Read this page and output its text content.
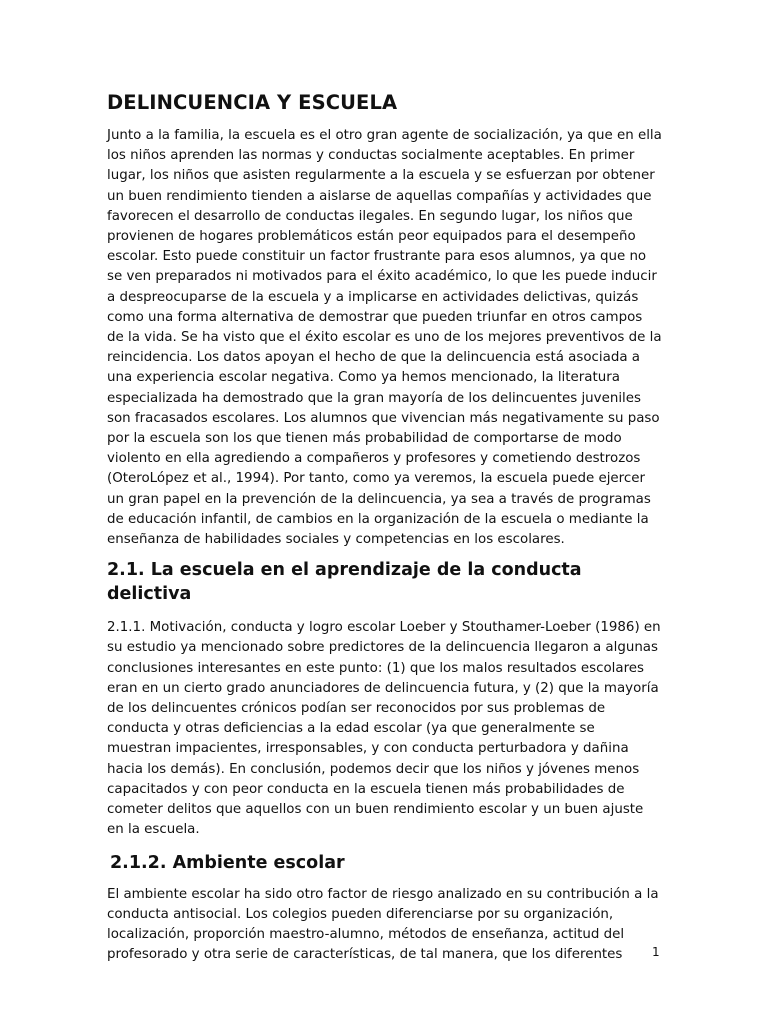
DELINCUENCIA Y ESCUELA

Junto a la familia, la escuela es el otro gran agente de socialización, ya que en ella los niños aprenden las normas y conductas socialmente aceptables. En primer lugar, los niños que asisten regularmente a la escuela y se esfuerzan por obtener un buen rendimiento tienden a aislarse de aquellas compañías y actividades que favorecen el desarrollo de conductas ilegales. En segundo lugar, los niños que provienen de hogares problemáticos están peor equipados para el desempeño escolar. Esto puede constituir un factor frustrante para esos alumnos, ya que no se ven preparados ni motivados para el éxito académico, lo que les puede inducir a despreocuparse de la escuela y a implicarse en actividades delictivas, quizás como una forma alternativa de demostrar que pueden triunfar en otros campos de la vida. Se ha visto que el éxito escolar es uno de los mejores preventivos de la reincidencia. Los datos apoyan el hecho de que la delincuencia está asociada a una experiencia escolar negativa. Como ya hemos mencionado, la literatura especializada ha demostrado que la gran mayoría de los delincuentes juveniles son fracasados escolares. Los alumnos que vivencian más negativamente su paso por la escuela son los que tienen más probabilidad de comportarse de modo violento en ella agrediendo a compañeros y profesores y cometiendo destrozos (OteroLópez et al., 1994). Por tanto, como ya veremos, la escuela puede ejercer un gran papel en la prevención de la delincuencia, ya sea a través de programas de educación infantil, de cambios en la organización de la escuela o mediante la enseñanza de habilidades sociales y competencias en los escolares.

2.1. La escuela en el aprendizaje de la conducta delictiva

2.1.1. Motivación, conducta y logro escolar Loeber y Stouthamer-Loeber (1986) en su estudio ya mencionado sobre predictores de la delincuencia llegaron a algunas conclusiones interesantes en este punto: (1) que los malos resultados escolares eran en un cierto grado anunciadores de delincuencia futura, y (2) que la mayoría de los delincuentes crónicos podían ser reconocidos por sus problemas de conducta y otras deficiencias a la edad escolar (ya que generalmente se muestran impacientes, irresponsables, y con conducta perturbadora y dañina hacia los demás). En conclusión, podemos decir que los niños y jóvenes menos capacitados y con peor conducta en la escuela tienen más probabilidades de cometer delitos que aquellos con un buen rendimiento escolar y un buen ajuste en la escuela.

2.1.2. Ambiente escolar

El ambiente escolar ha sido otro factor de riesgo analizado en su contribución a la conducta antisocial. Los colegios pueden diferenciarse por su organización, localización, proporción maestro-alumno, métodos de enseñanza, actitud del profesorado y otra serie de características, de tal manera, que los diferentes	1
